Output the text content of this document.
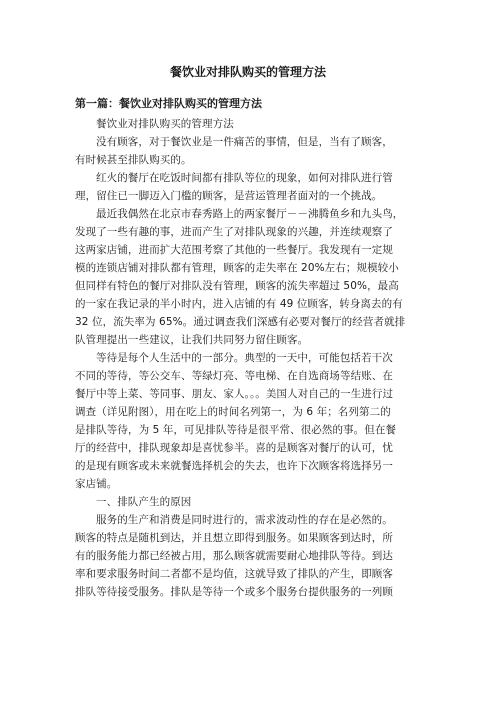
餐饮业对排队购买的管理方法
第一篇：餐饮业对排队购买的管理方法
餐饮业对排队购买的管理方法
没有顾客，对于餐饮业是一件痛苦的事情，但是，当有了顾客，
有时候甚至排队购买的。
红火的餐厅在吃饭时间都有排队等位的现象，如何对排队进行管
理，留住已一脚迈入门槛的顾客，是营运管理者面对的一个挑战。
最近我偶然在北京市春秀路上的两家餐厅－－沸腾鱼乡和九头鸟，
发现了一些有趣的事，进而产生了对排队现象的兴趣，并连续观察了
这两家店铺，进而扩大范围考察了其他的一些餐厅。我发现有一定规
模的连锁店铺对排队都有管理，顾客的走失率在 20%左右；规模较小
但同样有特色的餐厅对排队没有管理，顾客的流失率超过 50%，最高
的一家在我记录的半小时内，进入店铺的有 49 位顾客，转身离去的有
32 位，流失率为 65%。通过调查我们深感有必要对餐厅的经营者就排
队管理提出一些建议，让我们共同努力留住顾客。
等待是每个人生活中的一部分。典型的一天中，可能包括若干次
不同的等待，等公交车、等绿灯亮、等电梯、在自选商场等结账、在
餐厅中等上菜、等同事、朋友、家人。。。美国人对自己的一生进行过
调查（详见附图），用在吃上的时间名列第一，为 6 年；名列第二的
是排队等待，为 5 年，可见排队等待是很平常、很必然的事。但在餐
厅的经营中，排队现象却是喜忧参半。喜的是顾客对餐厅的认可，忧
的是现有顾客或未来就餐选择机会的失去，也许下次顾客将选择另一
家店铺。
一、排队产生的原因
服务的生产和消费是同时进行的，需求波动性的存在是必然的。
顾客的特点是随机到达，并且想立即得到服务。如果顾客到达时，所
有的服务能力都已经被占用，那么顾客就需要耐心地排队等待。到达
率和要求服务时间二者都不是均值，这就导致了排队的产生，即顾客
排队等待接受服务。排队是等待一个或多个服务台提供服务的一列顾
